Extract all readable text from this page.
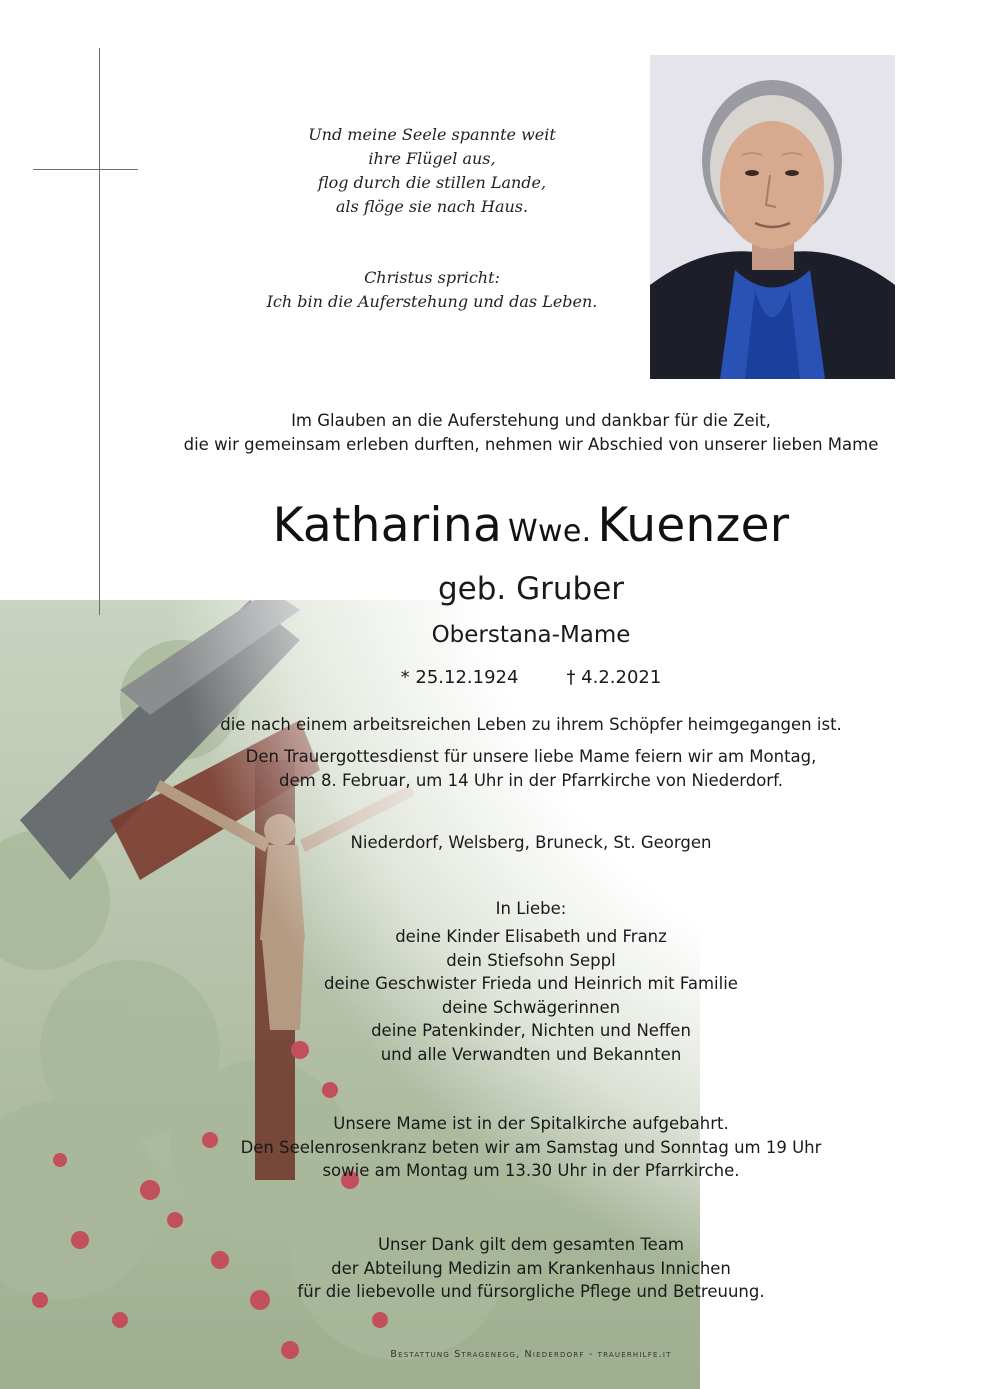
Und meine Seele spannte weit
ihre Flügel aus,
flog durch die stillen Lande,
als flöge sie nach Haus.
Christus spricht:
Ich bin die Auferstehung und das Leben.
Im Glauben an die Auferstehung und dankbar für die Zeit,
die wir gemeinsam erleben durften, nehmen wir Abschied von unserer lieben Mame
Katharina Wwe. Kuenzer
geb. Gruber
Oberstana-Mame
* 25.12.1924	† 4.2.2021
die nach einem arbeitsreichen Leben zu ihrem Schöpfer heimgegangen ist.
Den Trauergottesdienst für unsere liebe Mame feiern wir am Montag,
dem 8. Februar, um 14 Uhr in der Pfarrkirche von Niederdorf.
Niederdorf, Welsberg, Bruneck, St. Georgen
In Liebe:
deine Kinder Elisabeth und Franz
dein Stiefsohn Seppl
deine Geschwister Frieda und Heinrich mit Familie
deine Schwägerinnen
deine Patenkinder, Nichten und Neffen
und alle Verwandten und Bekannten
Unsere Mame ist in der Spitalkirche aufgebahrt.
Den Seelenrosenkranz beten wir am Samstag und Sonntag um 19 Uhr
sowie am Montag um 13.30 Uhr in der Pfarrkirche.
Unser Dank gilt dem gesamten Team
der Abteilung Medizin am Krankenhaus Innichen
für die liebevolle und fürsorgliche Pflege und Betreuung.
Bestattung Stragenegg, Niederdorf - trauerhilfe.it
